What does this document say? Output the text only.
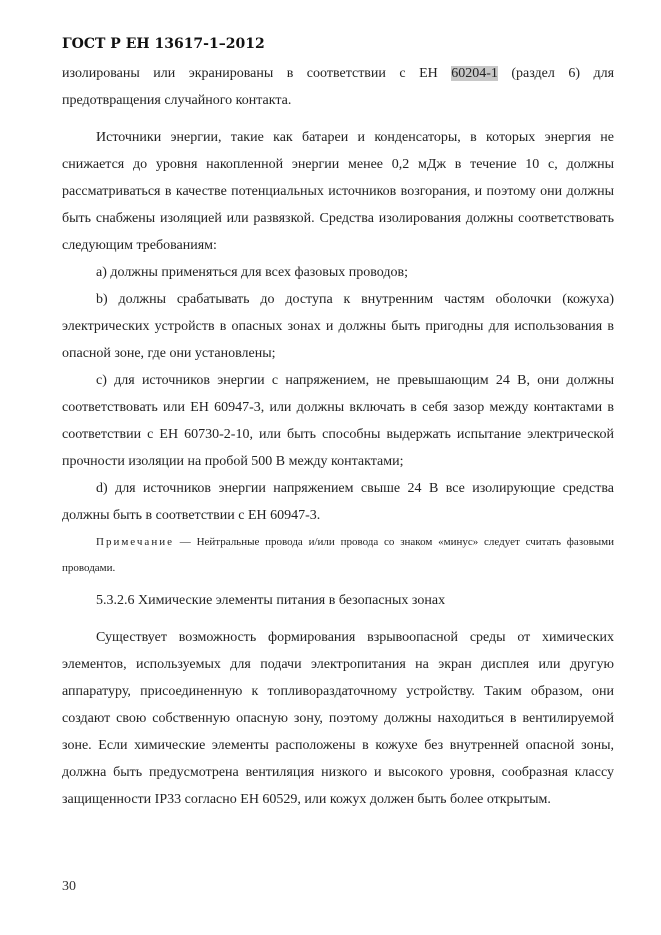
ГОСТ Р ЕН 13617-1–2012

изолированы или экранированы в соответствии с ЕН 60204-1 (раздел 6) для предотвращения случайного контакта.

Источники энергии, такие как батареи и конденсаторы, в которых энергия не снижается до уровня накопленной энергии менее 0,2 мДж в течение 10 с, должны рассматриваться в качестве потенциальных источников возгорания, и поэтому они должны быть снабжены изоляцией или развязкой. Средства изолирования должны соответствовать следующим требованиям:

а) должны применяться для всех фазовых проводов;

b) должны срабатывать до доступа к внутренним частям оболочки (кожуха) электрических устройств в опасных зонах и должны быть пригодны для использования в опасной зоне, где они установлены;

с) для источников энергии с напряжением, не превышающим 24 В, они должны соответствовать или ЕН 60947-3, или должны включать в себя зазор между контактами в соответствии с ЕН 60730-2-10, или быть способны выдержать испытание электрической прочности изоляции на пробой 500 В между контактами;

d) для источников энергии напряжением свыше 24 В все изолирующие средства должны быть в соответствии с ЕН 60947-3.

Примечание — Нейтральные провода и/или провода со знаком «минус» следует считать фазовыми проводами.

5.3.2.6 Химические элементы питания в безопасных зонах

Существует возможность формирования взрывоопасной среды от химических элементов, используемых для подачи электропитания на экран дисплея или другую аппаратуру, присоединенную к топливораздаточному устройству. Таким образом, они создают свою собственную опасную зону, поэтому должны находиться в вентилируемой зоне. Если химические элементы расположены в кожухе без внутренней опасной зоны, должна быть предусмотрена вентиляция низкого и высокого уровня, сообразная классу защищенности IP33 согласно ЕН 60529, или кожух должен быть более открытым.

30
